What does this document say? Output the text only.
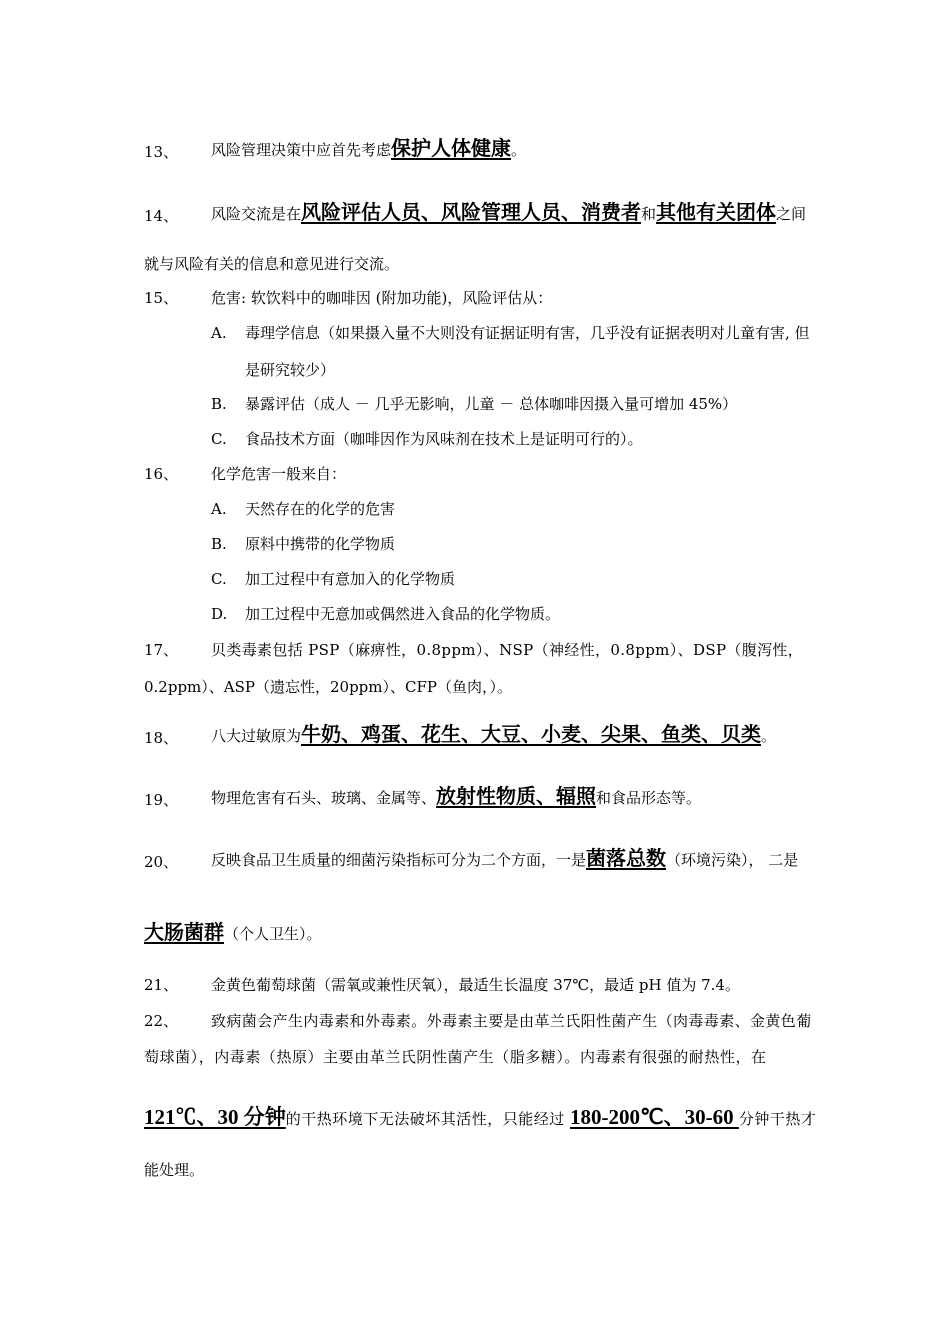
13、 风险管理决策中应首先考虑保护人体健康。
14、 风险交流是在风险评估人员、风险管理人员、消费者和其他有关团体之间
就与风险有关的信息和意见进行交流。
15、 危害: 软饮料中的咖啡因 (附加功能)，风险评估从：
A. 毒理学信息（如果摄入量不大则没有证据证明有害，几乎没有证据表明对儿童有害, 但
是研究较少）
B. 暴露评估（成人 － 几乎无影响，儿童 － 总体咖啡因摄入量可增加 45%）
C. 食品技术方面（咖啡因作为风味剂在技术上是证明可行的）。
16、 化学危害一般来自：
A. 天然存在的化学的危害
B. 原料中携带的化学物质
C. 加工过程中有意加入的化学物质
D. 加工过程中无意加或偶然进入食品的化学物质。
17、 贝类毒素包括 PSP（麻痹性，0.8ppm）、NSP（神经性，0.8ppm）、DSP（腹泻性，
0.2ppm）、ASP（遗忘性，20ppm）、CFP（鱼肉，）。
18、 八大过敏原为牛奶、鸡蛋、花生、大豆、小麦、尖果、鱼类、贝类。
19、 物理危害有石头、玻璃、金属等、放射性物质、辐照和食品形态等。
20、 反映食品卫生质量的细菌污染指标可分为二个方面，一是菌落总数（环境污染）， 二是
大肠菌群（个人卫生）。
21、 金黄色葡萄球菌（需氧或兼性厌氧），最适生长温度 37℃，最适 pH 值为 7.4。
22、 致病菌会产生内毒素和外毒素。外毒素主要是由革兰氏阳性菌产生（肉毒毒素、金黄色葡
萄球菌），内毒素（热原）主要由革兰氏阴性菌产生（脂多糖）。内毒素有很强的耐热性，在
121℃、30 分钟的干热环境下无法破坏其活性，只能经过 180-200℃、30-60 分钟干热才
能处理。
